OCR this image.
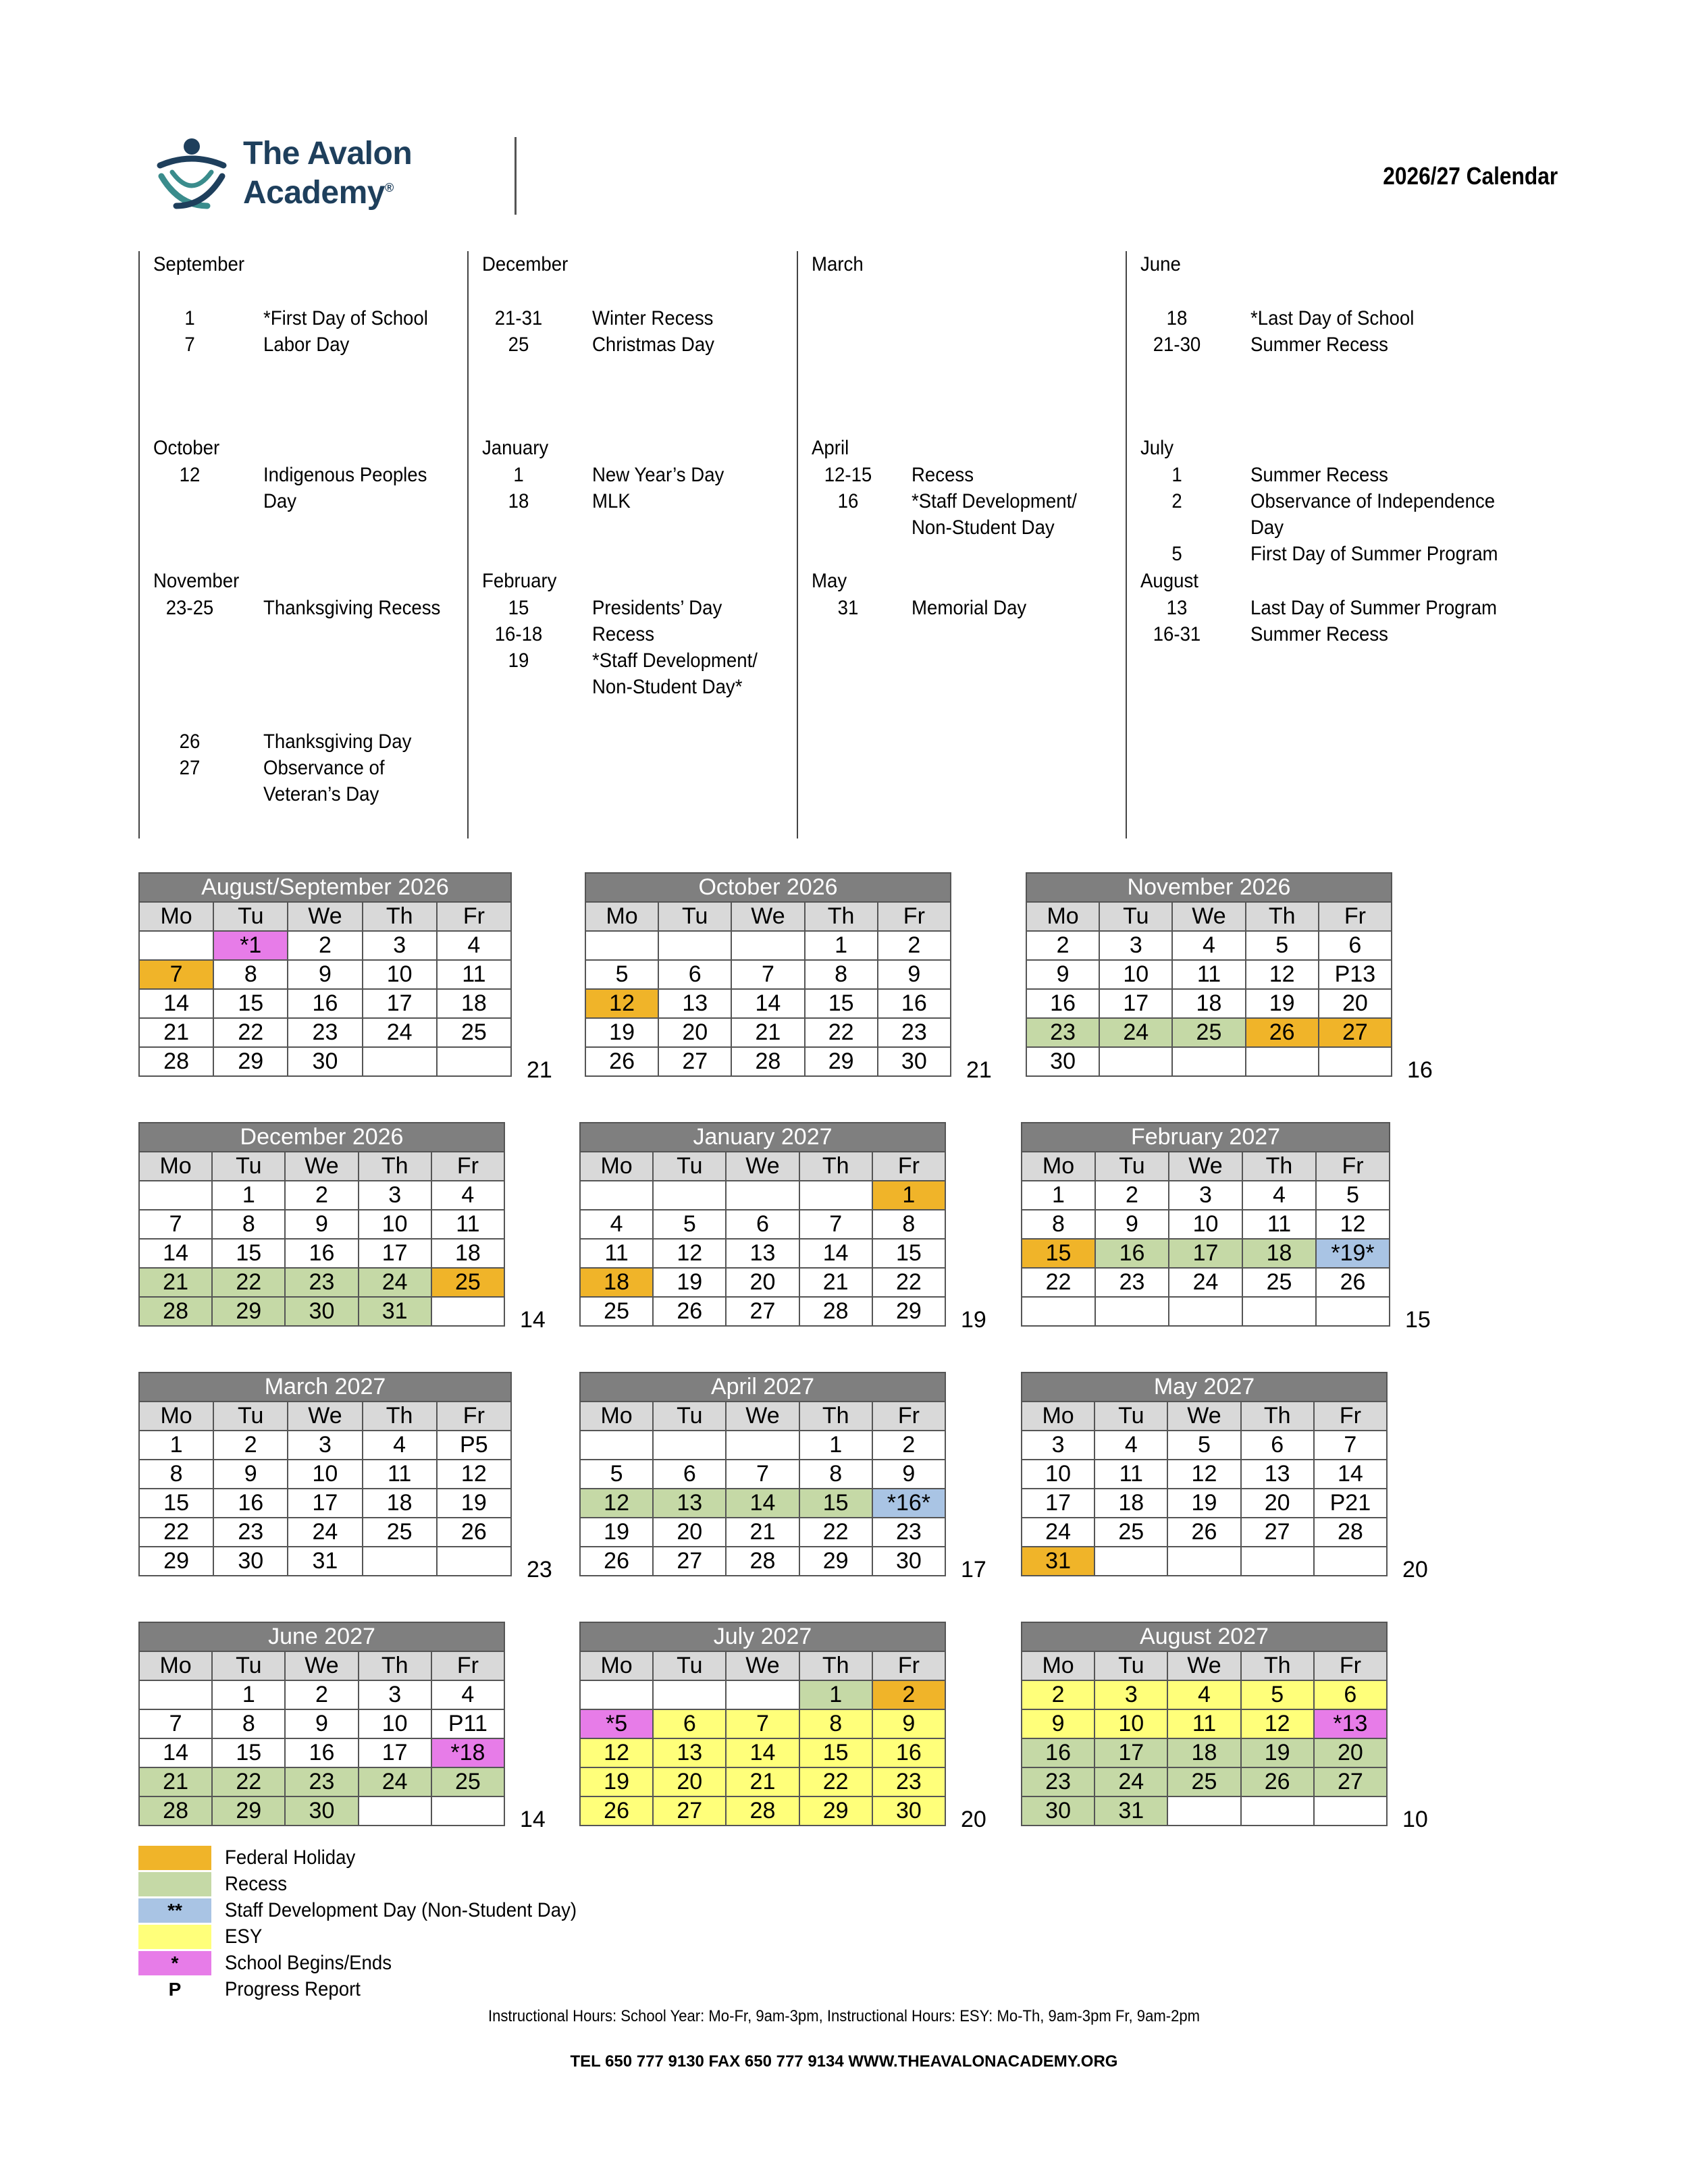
The Avalon
Academy®	2026/27 Calendar
September
1	*First Day of School
7	Labor Day
October
12	Indigenous Peoples
Day
November
23-25	Thanksgiving Recess
26	Thanksgiving Day
27	Observance of
Veteran’s Day
December
21-31	Winter Recess
25	Christmas Day
January
1	New Year’s Day
18	MLK
February
15	Presidents’ Day
16-18	Recess
19	*Staff Development/
Non-Student Day*
March
April
12-15	Recess
16	*Staff Development/
Non-Student Day
May
31	Memorial Day
June
18	*Last Day of School
21-30	Summer Recess
July
1	Summer Recess
2	Observance of Independence
Day
5	First Day of Summer Program
August
13	Last Day of Summer Program
16-31	Summer Recess
August/September 2026				
Mo	Tu	We	Th	Fr
	*1	2	3	4
7	8	9	10	11
14	15	16	17	18
21	22	23	24	25
28	29	30			21
October 2026				
Mo	Tu	We	Th	Fr
			1	2
5	6	7	8	9
12	13	14	15	16
19	20	21	22	23
26	27	28	29	30 21
November 2026				
Mo	Tu	We	Th	Fr
2	3	4	5	6
9	10	11	12	P13
16	17	18	19	20
23	24	25	26	27
30					16
December 2026				
Mo	Tu	We	Th	Fr
	1	2	3	4
7	8	9	10	11
14	15	16	17	18
21	22	23	24	25
28	29	30	31		14
January 2027				
Mo	Tu	We	Th	Fr
				1
4	5	6	7	8
11	12	13	14	15
18	19	20	21	22
25	26	27	28	29 19
February 2027				
Mo	Tu	We	Th	Fr
1	2	3	4	5
8	9	10	11	12
15	16	17	18	*19*
22	23	24	25	26

15
March 2027				
Mo	Tu	We	Th	Fr
1	2	3	4	P5
8	9	10	11	12
15	16	17	18	19
22	23	24	25	26
29	30	31			23
April 2027				
Mo	Tu	We	Th	Fr
			1	2
5	6	7	8	9
12	13	14	15	*16*
19	20	21	22	23
26	27	28	29	30 17
May 2027				
Mo	Tu	We	Th	Fr
3	4	5	6	7
10	11	12	13	14
17	18	19	20	P21
24	25	26	27	28
31					20
June 2027				
Mo	Tu	We	Th	Fr
	1	2	3	4
7	8	9	10	P11
14	15	16	17	*18
21	22	23	24	25
28	29	30			14
July 2027				
Mo	Tu	We	Th	Fr
			1	2
*5	6	7	8	9
12	13	14	15	16
19	20	21	22	23
26	27	28	29	30 20
August 2027				
Mo	Tu	We	Th	Fr
2	3	4	5	6
9	10	11	12	*13
16	17	18	19	20
23	24	25	26	27
30	31				10
Federal Holiday
Recess
**	Staff Development Day (Non-Student Day)
ESY
*	School Begins/Ends
P	Progress Report
Instructional Hours: School Year: Mo-Fr, 9am-3pm, Instructional Hours: ESY: Mo-Th, 9am-3pm Fr, 9am-2pm
TEL 650 777 9130 FAX 650 777 9134 WWW.THEAVALONACADEMY.ORG
